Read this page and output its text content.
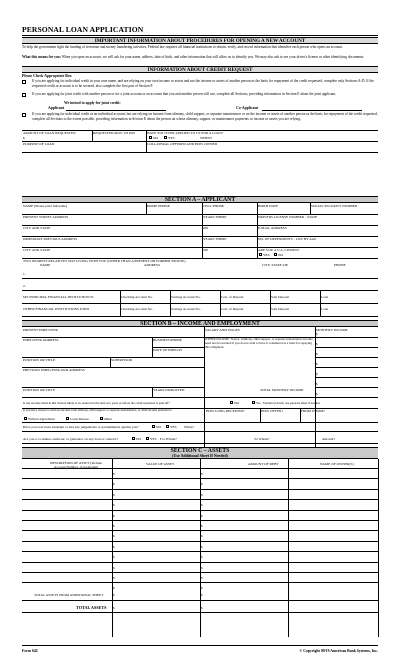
PERSONAL LOAN APPLICATION
IMPORTANT INFORMATION ABOUT PROCEDURES FOR OPENING A NEW ACCOUNT
To help the government fight the funding of terrorism and money laundering activities, Federal law requires all financial institutions to obtain, verify, and record information that identifies each person who opens an account.
What this means for you: When you open an account, we will ask for your name, address, date of birth, and other information that will allow us to identify you. We may also ask to see your driver's license or other identifying documents.
INFORMATION ABOUT CREDIT REQUEST
Please Check Appropriate Box
If you are applying for individual credit in your own name, and are relying on your own income or assets and not the income or assets of another person as the basis for repayment of the credit requested, complete only Sections A-D. If the requested credit or account is to be secured, also complete the first part of Section F.
If you are applying for joint credit with another person or for a joint account or an account that you and another person will use, complete all Sections, providing information in Section E about the joint applicant.
We intend to apply for joint credit:
Applicant	Co-Applicant
If you are applying for individual credit or an individual account, but are relying on income from alimony, child support, or separate maintenance or on the income or assets of another person as the basis for repayment of the credit requested, complete all Sections to the extent possible, providing information in Section E about the person on whose alimony, support, or maintenance payments or income or assets you are relying.
AMOUNT OF LOAN REQUESTED
$
REQUESTED MOS. TO PAY	HAVE YOU EVER APPLIED TO US FOR A LOAN?
NO	YES	WHEN?
PURPOSE OF LOAN	COLLATERAL OFFERED AND HOW OWNED
SECTION A – APPLICANT
NAME (Please print full name)	HOME PHONE	CELL PHONE	BIRTH DATE	SOCIAL SECURITY NUMBER
PRESENT STREET ADDRESS	YEARS THERE	DRIVERS LICENSE NUMBER - STATE
CITY AND STATE	ZIP	E-MAIL ADDRESS
IMMEDIATE PREVIOUS ADDRESS	YEARS THERE	NO. OF DEPENDENTS - LIST BY AGE
CITY AND STATE	ZIP	ARE YOU A U.S. CITIZEN?
YES NO
TWO NEAREST RELATIVES NOT LIVING WITH YOU (OTHER THAN A PRESENT OR FORMER SPOUSE)
NAME	ADDRESS	CITY, STATE ZIP	PHONE
1.
2.
MY PRINCIPAL FINANCIAL INSTITUTION IS	Checking Account No.	Savings Account No.	Cert. of Deposit	Safe Deposit	Loan
OTHER FINANCIAL INSTITUTIONS USED	Checking Account No.	Savings Account No.	Cert. of Deposit	Safe Deposit	Loan
SECTION B – INCOME AND EMPLOYMENT
PRESENT EMPLOYER	SALARY AND WAGES	MONTHLY INCOME
$
EMPLOYER ADDRESS	BUSINESS PHONE	OTHER INCOME: Notice: Alimony, child support, or separate maintenance income need not be revealed if you do not wish to have it considered as a basis for repaying this obligation.
DATE OF EMPLOY
$
$
POSITION OR TITLE	SUPERVISOR
$
PREVIOUS EMPLOYER AND ADDRESS
$
$
POSITION OR TITLE	YEARS EMPLOYED	TOTAL MONTHLY INCOME
$
Is any income listed in this Section likely to be reduced in the next two years or before the credit requested is paid off?	NO	Yes - Explain in detail, use separate sheet if needed.
If you have chosen to disclose income from alimony, child support or separate maintenance, or child income pursuant to
Written Agreement	Court Decree	Other
HOW LONG RECEIVED?	HOW OFTEN?	FROM WHOM?
Have you ever been bankrupt or had any judgements or garnishments against you?	NO	YES When?
Are you a co-maker, endorser, or guarantor on any loan or contract?	NO	YES For Whom?	To Whom?	Amount?
SECTION C – ASSETS
(Use Additional Sheet If Needed)
DESCRIPTION OF ASSET (Include Account Number, if applicable)
VALUE OF ASSET	AMOUNT OF DEBT	NAME OF OWNER(S)
$	$
$	$
$	$
$	$
$	$
$	$
$	$
$	$
$	$
$	$
$	$
$	$
TOTAL ASSETS FROM ADDITIONAL SHEET	$	$
TOTAL ASSETS $	$
Form 642	© Copyright 09/19 American Bank Systems, Inc.
